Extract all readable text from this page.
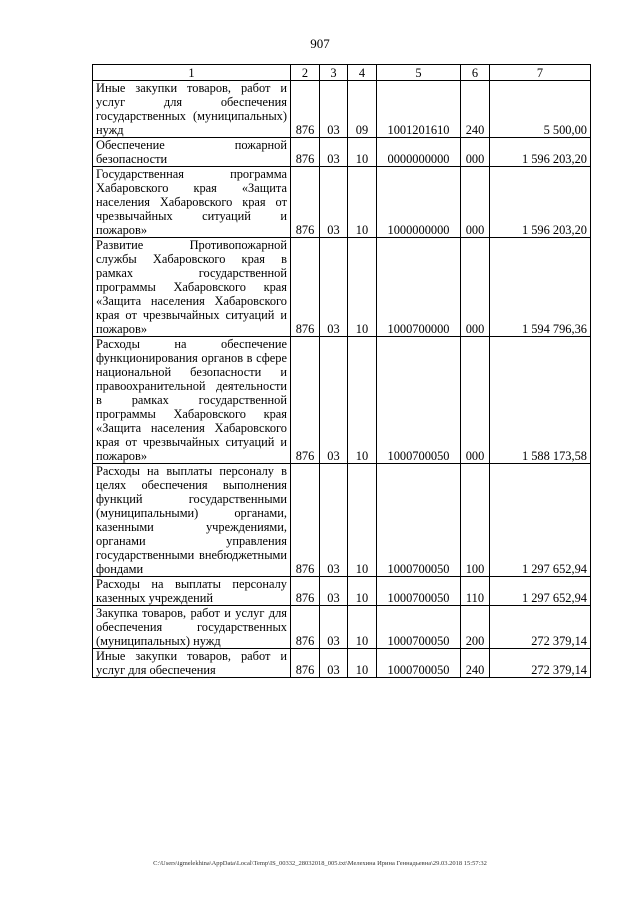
907
1	2	3	4	5	6	7
Иные закупки товаров, работ и услуг для обеспечения государственных (муниципальных) нужд	876	03	09	1001201610	240	5 500,00
Обеспечение пожарной безопасности	876	03	10	0000000000	000	1 596 203,20
Государственная программа Хабаровского края «Защита населения Хабаровского края от чрезвычайных ситуаций и пожаров»	876	03	10	1000000000	000	1 596 203,20
Развитие Противопожарной службы Хабаровского края в рамках государственной программы Хабаровского края «Защита населения Хабаровского края от чрезвычайных ситуаций и пожаров»	876	03	10	1000700000	000	1 594 796,36
Расходы на обеспечение функционирования органов в сфере национальной безопасности и правоохранительной деятельности в рамках государственной программы Хабаровского края «Защита населения Хабаровского края от чрезвычайных ситуаций и пожаров»	876	03	10	1000700050	000	1 588 173,58
Расходы на выплаты персоналу в целях обеспечения выполнения функций государственными (муниципальными) органами, казенными учреждениями, органами управления государственными внебюджетными фондами	876	03	10	1000700050	100	1 297 652,94
Расходы на выплаты персоналу казенных учреждений	876	03	10	1000700050	110	1 297 652,94
Закупка товаров, работ и услуг для обеспечения государственных (муниципальных) нужд	876	03	10	1000700050	200	272 379,14
Иные закупки товаров, работ и услуг для обеспечения	876	03	10	1000700050	240	272 379,14
C:\Users\igmelekhina\AppData\Local\Temp\IS_00332_28032018_005.txt\Мелехина Ирина Геннадьевна\29.03.2018 15:57:32
